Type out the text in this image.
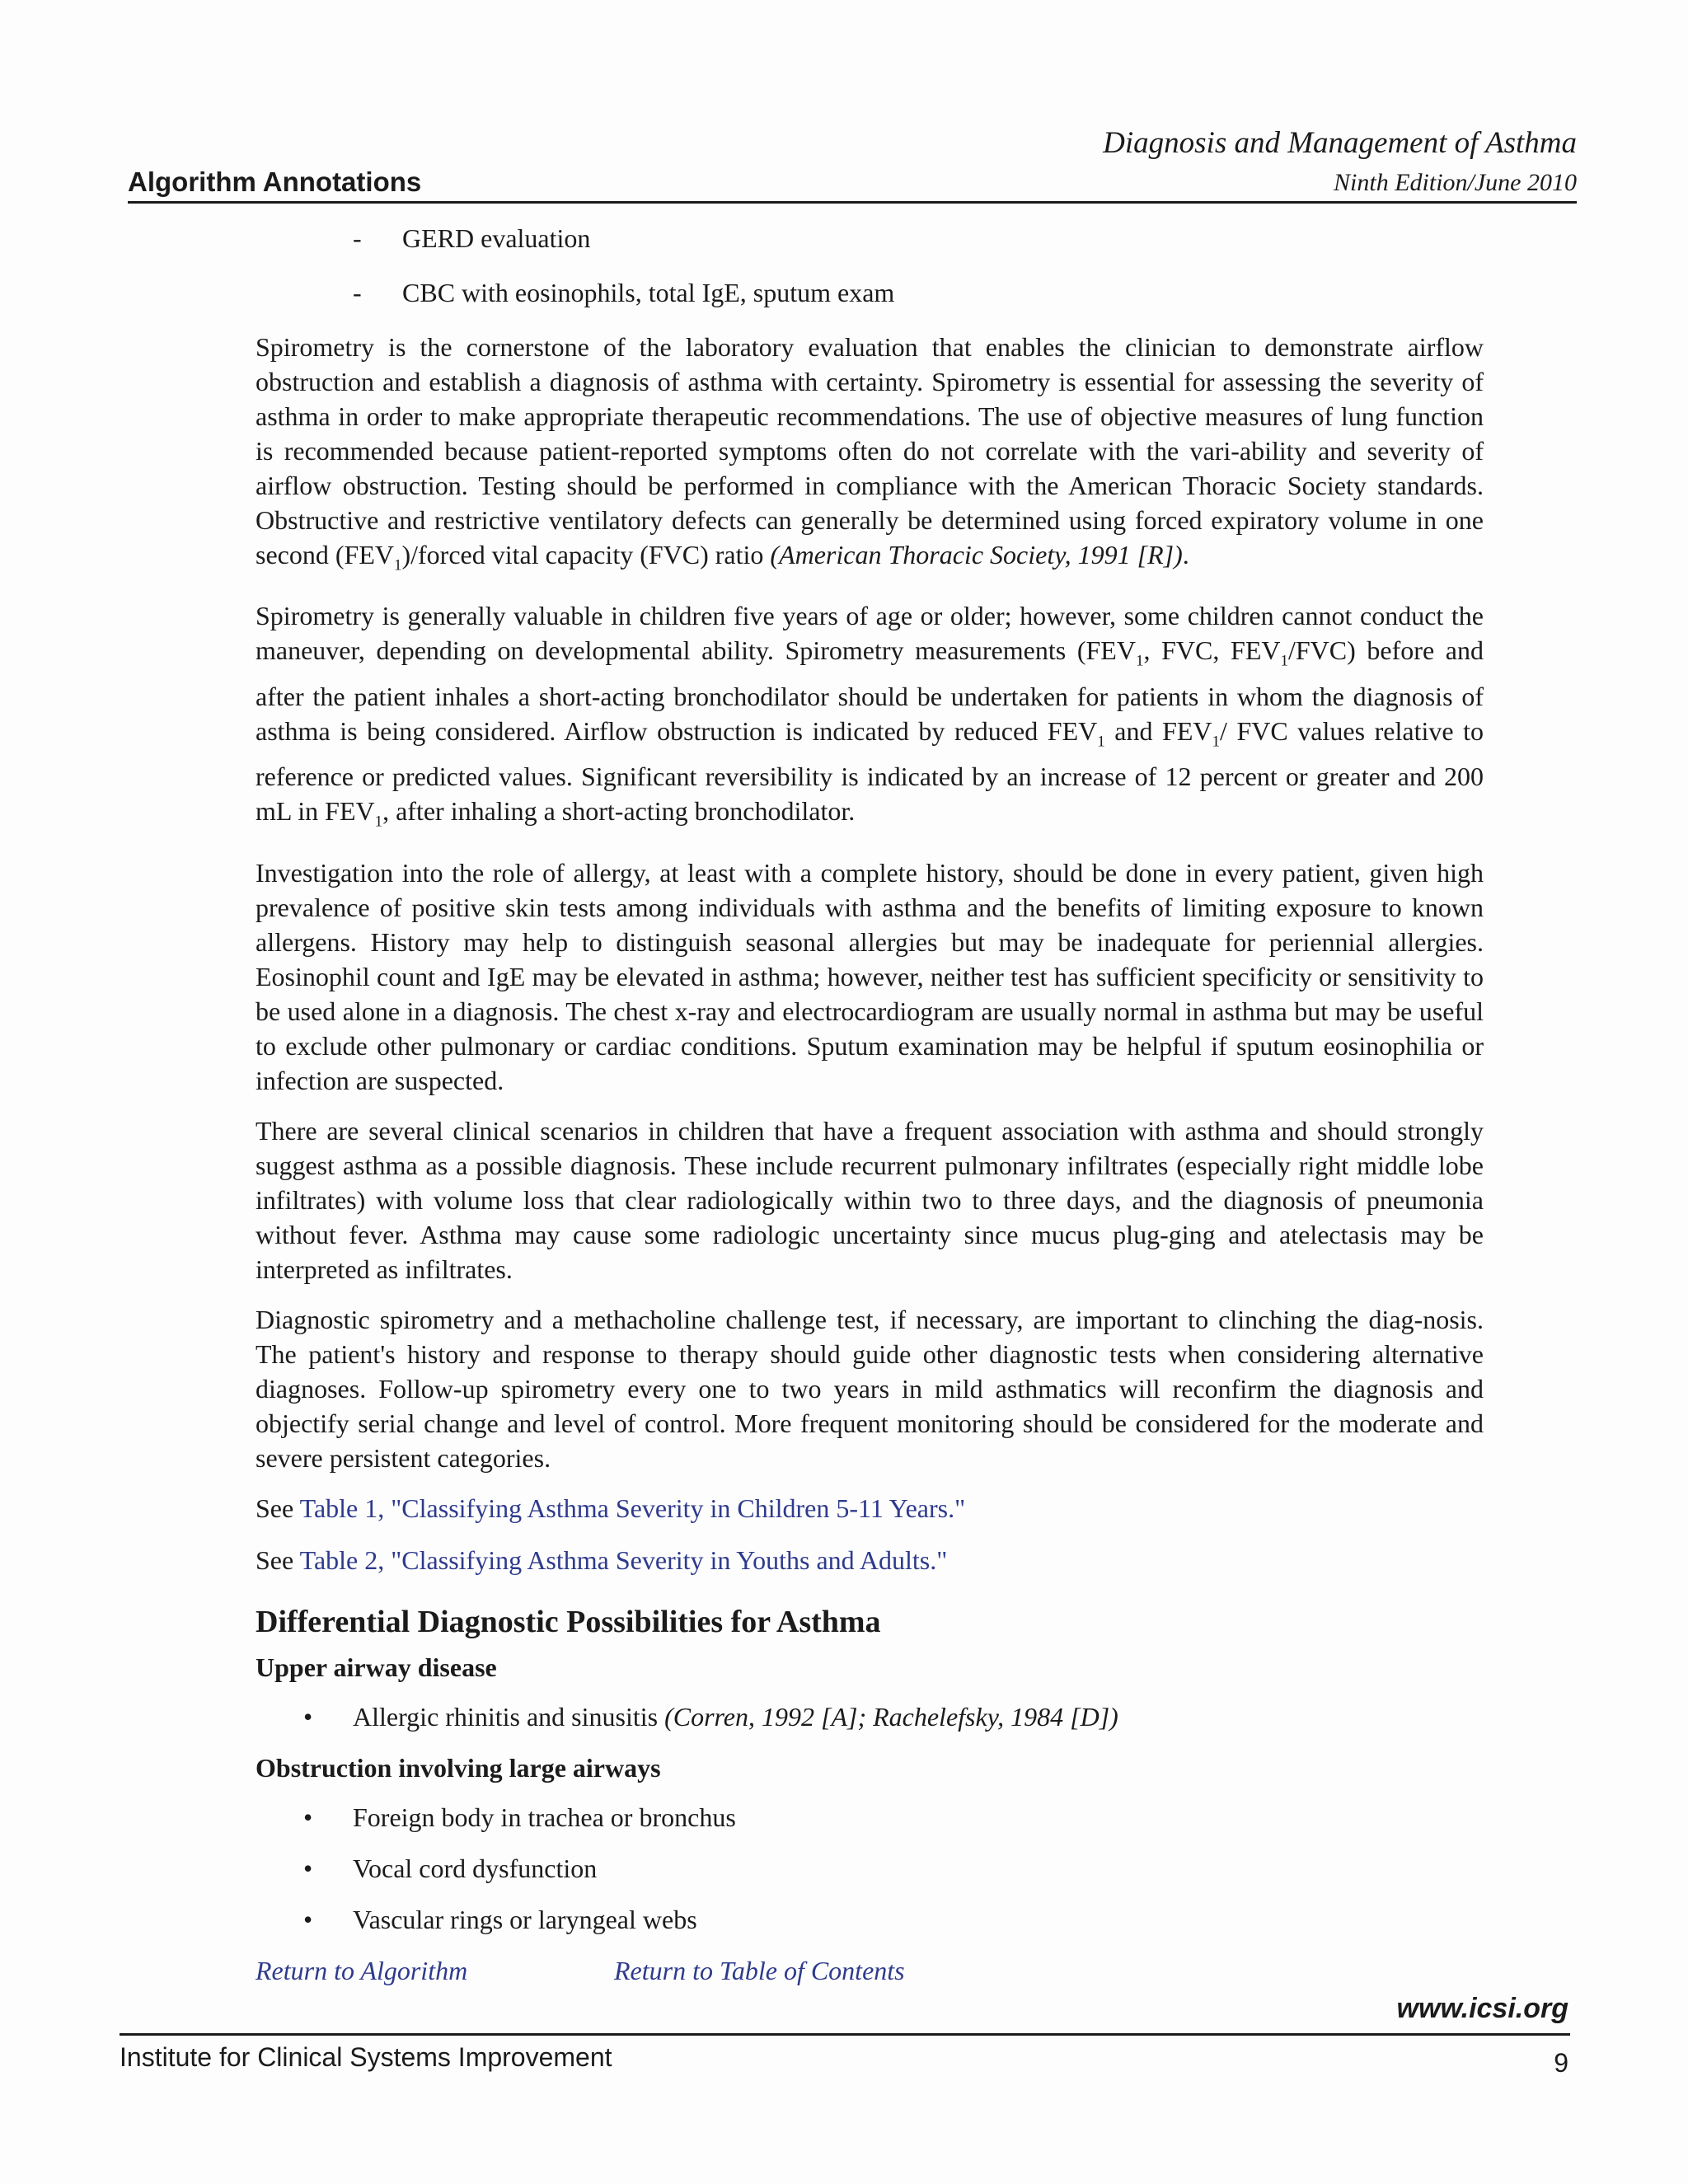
Diagnosis and Management of Asthma
Ninth Edition/June 2010
Algorithm Annotations
-	GERD evaluation
-	CBC with eosinophils, total IgE, sputum exam

Spirometry is the cornerstone of the laboratory evaluation that enables the clinician to demonstrate airflow obstruction and establish a diagnosis of asthma with certainty. Spirometry is essential for assessing the severity of asthma in order to make appropriate therapeutic recommendations. The use of objective measures of lung function is recommended because patient-reported symptoms often do not correlate with the vari-ability and severity of airflow obstruction. Testing should be performed in compliance with the American Thoracic Society standards. Obstructive and restrictive ventilatory defects can generally be determined using forced expiratory volume in one second $(FEV_1)$/forced vital capacity (FVC) ratio (American Thoracic Society, 1991 [R]).

Spirometry is generally valuable in children five years of age or older; however, some children cannot conduct the maneuver, depending on developmental ability. Spirometry measurements ($FEV_1$, FVC, $FEV_1/FVC$) before and after the patient inhales a short-acting bronchodilator should be undertaken for patients in whom the diagnosis of asthma is being considered. Airflow obstruction is indicated by reduced $FEV_1$ and $FEV_1/$ FVC values relative to reference or predicted values. Significant reversibility is indicated by an increase of 12 percent or greater and 200 mL in $FEV_1$, after inhaling a short-acting bronchodilator.

Investigation into the role of allergy, at least with a complete history, should be done in every patient, given high prevalence of positive skin tests among individuals with asthma and the benefits of limiting exposure to known allergens. History may help to distinguish seasonal allergies but may be inadequate for periennial allergies. Eosinophil count and IgE may be elevated in asthma; however, neither test has sufficient specificity or sensitivity to be used alone in a diagnosis. The chest x-ray and electrocardiogram are usually normal in asthma but may be useful to exclude other pulmonary or cardiac conditions. Sputum examination may be helpful if sputum eosinophilia or infection are suspected.

There are several clinical scenarios in children that have a frequent association with asthma and should strongly suggest asthma as a possible diagnosis. These include recurrent pulmonary infiltrates (especially right middle lobe infiltrates) with volume loss that clear radiologically within two to three days, and the diagnosis of pneumonia without fever. Asthma may cause some radiologic uncertainty since mucus plug-ging and atelectasis may be interpreted as infiltrates.

Diagnostic spirometry and a methacholine challenge test, if necessary, are important to clinching the diag-nosis. The patient's history and response to therapy should guide other diagnostic tests when considering alternative diagnoses. Follow-up spirometry every one to two years in mild asthmatics will reconfirm the diagnosis and objectify serial change and level of control. More frequent monitoring should be considered for the moderate and severe persistent categories.

See Table 1, "Classifying Asthma Severity in Children 5-11 Years."

See Table 2, "Classifying Asthma Severity in Youths and Adults."

Differential Diagnostic Possibilities for Asthma
Upper airway disease
•	Allergic rhinitis and sinusitis (Corren, 1992 [A]; Rachelefsky, 1984 [D])
Obstruction involving large airways
•	Foreign body in trachea or bronchus
•	Vocal cord dysfunction
•	Vascular rings or laryngeal webs
Return to Algorithm	Return to Table of Contents
www.icsi.org
Institute for Clinical Systems Improvement	9
